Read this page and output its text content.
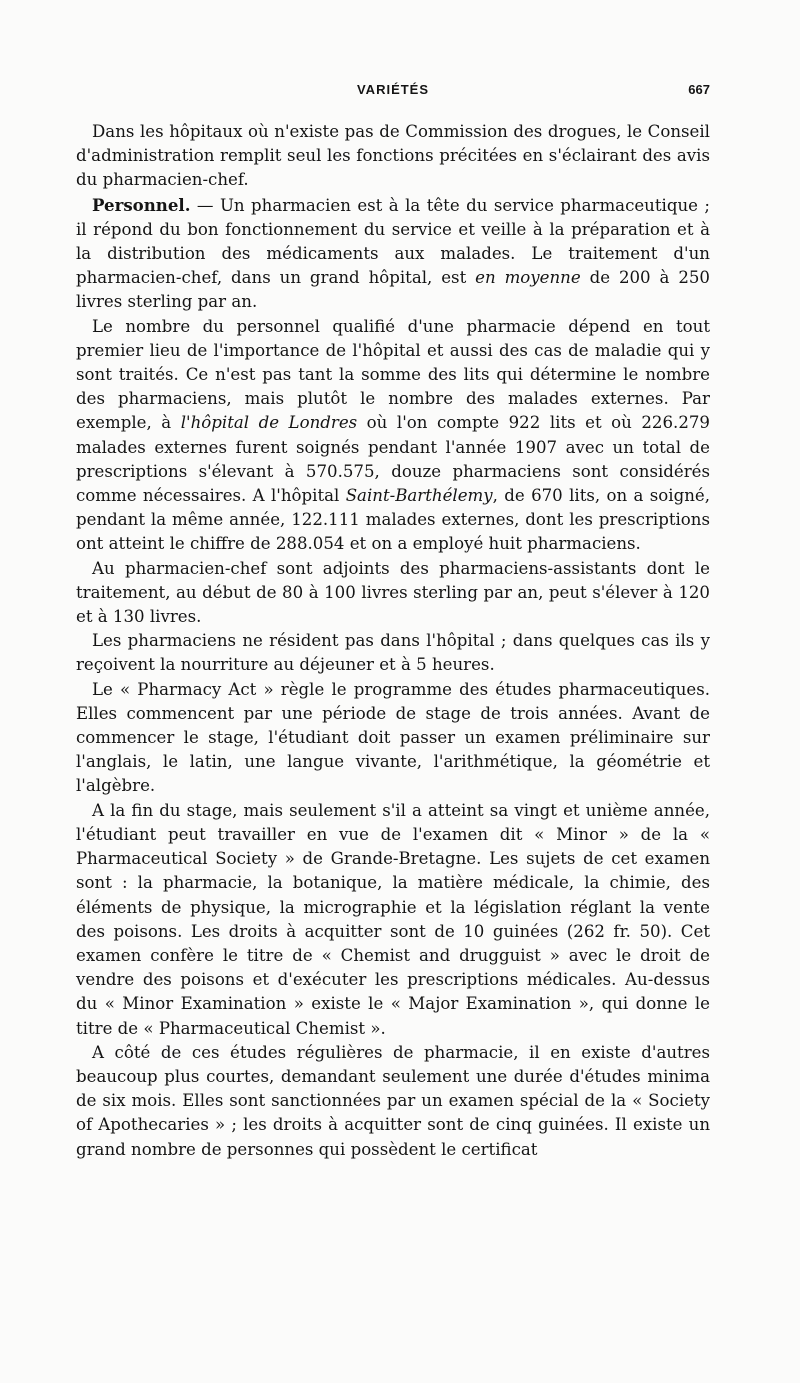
VARIÉTÉS	667

Dans les hôpitaux où n'existe pas de Commission des drogues, le Conseil d'administration remplit seul les fonctions précitées en s'éclairant des avis du pharmacien-chef.

Personnel. — Un pharmacien est à la tête du service pharmaceutique ; il répond du bon fonctionnement du service et veille à la préparation et à la distribution des médicaments aux malades. Le traitement d'un pharmacien-chef, dans un grand hôpital, est en moyenne de 200 à 250 livres sterling par an.

Le nombre du personnel qualifié d'une pharmacie dépend en tout premier lieu de l'importance de l'hôpital et aussi des cas de maladie qui y sont traités. Ce n'est pas tant la somme des lits qui détermine le nombre des pharmaciens, mais plutôt le nombre des malades externes. Par exemple, à l'hôpital de Londres où l'on compte 922 lits et où 226.279 malades externes furent soignés pendant l'année 1907 avec un total de prescriptions s'élevant à 570.575, douze pharmaciens sont considérés comme nécessaires. A l'hôpital Saint-Barthélemy, de 670 lits, on a soigné, pendant la même année, 122.111 malades externes, dont les prescriptions ont atteint le chiffre de 288.054 et on a employé huit pharmaciens.

Au pharmacien-chef sont adjoints des pharmaciens-assistants dont le traitement, au début de 80 à 100 livres sterling par an, peut s'élever à 120 et à 130 livres.

Les pharmaciens ne résident pas dans l'hôpital ; dans quelques cas ils y reçoivent la nourriture au déjeuner et à 5 heures.

Le « Pharmacy Act » règle le programme des études pharmaceutiques. Elles commencent par une période de stage de trois années. Avant de commencer le stage, l'étudiant doit passer un examen préliminaire sur l'anglais, le latin, une langue vivante, l'arithmétique, la géométrie et l'algèbre.

A la fin du stage, mais seulement s'il a atteint sa vingt et unième année, l'étudiant peut travailler en vue de l'examen dit « Minor » de la « Pharmaceutical Society » de Grande-Bretagne. Les sujets de cet examen sont : la pharmacie, la botanique, la matière médicale, la chimie, des éléments de physique, la micrographie et la législation réglant la vente des poisons. Les droits à acquitter sont de 10 guinées (262 fr. 50). Cet examen confère le titre de « Chemist and drugguist » avec le droit de vendre des poisons et d'exécuter les prescriptions médicales. Au-dessus du « Minor Examination » existe le « Major Examination », qui donne le titre de « Pharmaceutical Chemist ».

A côté de ces études régulières de pharmacie, il en existe d'autres beaucoup plus courtes, demandant seulement une durée d'études minima de six mois. Elles sont sanctionnées par un examen spécial de la « Society of Apothecaries » ; les droits à acquitter sont de cinq guinées. Il existe un grand nombre de personnes qui possèdent le certificat
